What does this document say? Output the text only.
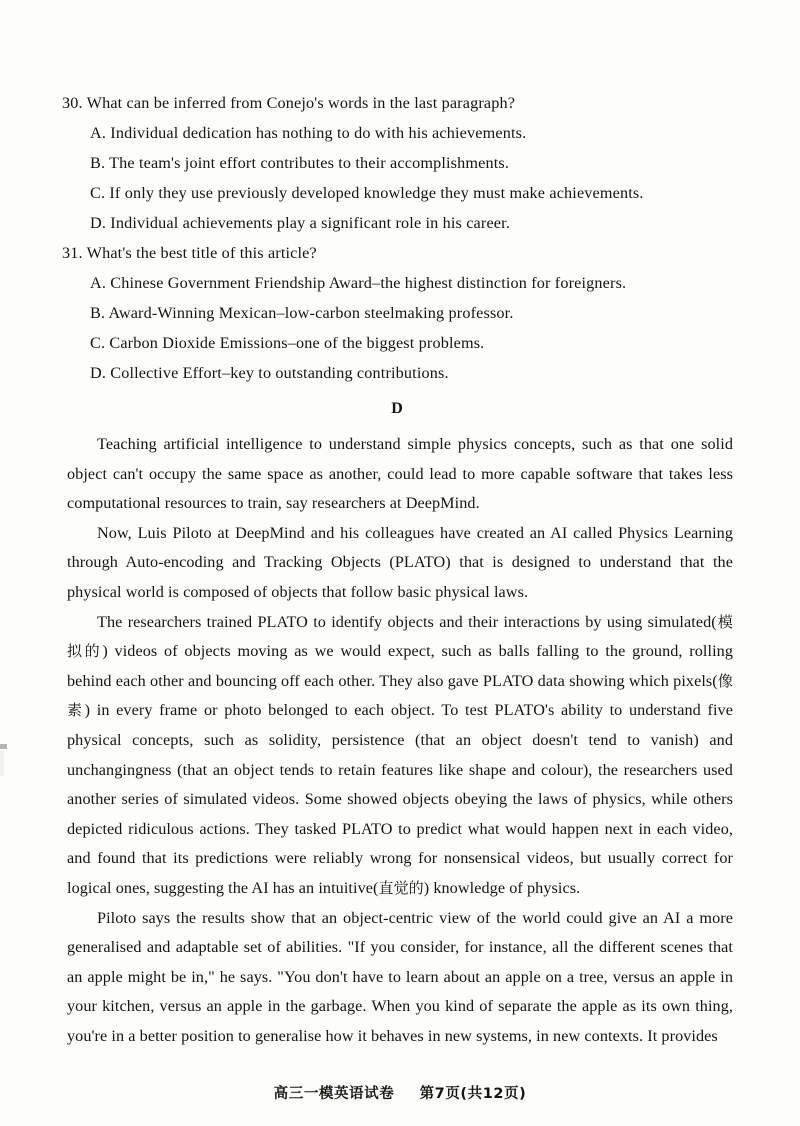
30. What can be inferred from Conejo's words in the last paragraph?
A. Individual dedication has nothing to do with his achievements.
B. The team's joint effort contributes to their accomplishments.
C. If only they use previously developed knowledge they must make achievements.
D. Individual achievements play a significant role in his career.
31. What's the best title of this article?
A. Chinese Government Friendship Award–the highest distinction for foreigners.
B. Award-Winning Mexican–low-carbon steelmaking professor.
C. Carbon Dioxide Emissions–one of the biggest problems.
D. Collective Effort–key to outstanding contributions.
D

Teaching artificial intelligence to understand simple physics concepts, such as that one solid object can't occupy the same space as another, could lead to more capable software that takes less computational resources to train, say researchers at DeepMind.

Now, Luis Piloto at DeepMind and his colleagues have created an AI called Physics Learning through Auto-encoding and Tracking Objects (PLATO) that is designed to understand that the physical world is composed of objects that follow basic physical laws.

The researchers trained PLATO to identify objects and their interactions by using simulated(模拟的) videos of objects moving as we would expect, such as balls falling to the ground, rolling behind each other and bouncing off each other. They also gave PLATO data showing which pixels(像素) in every frame or photo belonged to each object. To test PLATO's ability to understand five physical concepts, such as solidity, persistence (that an object doesn't tend to vanish) and unchangingness (that an object tends to retain features like shape and colour), the researchers used another series of simulated videos. Some showed objects obeying the laws of physics, while others depicted ridiculous actions. They tasked PLATO to predict what would happen next in each video, and found that its predictions were reliably wrong for nonsensical videos, but usually correct for logical ones, suggesting the AI has an intuitive(直觉的) knowledge of physics.

Piloto says the results show that an object-centric view of the world could give an AI a more generalised and adaptable set of abilities. "If you consider, for instance, all the different scenes that an apple might be in," he says. "You don't have to learn about an apple on a tree, versus an apple in your kitchen, versus an apple in the garbage. When you kind of separate the apple as its own thing, you're in a better position to generalise how it behaves in new systems, in new contexts. It provides

高三一模英语试卷 第7页(共12页)
